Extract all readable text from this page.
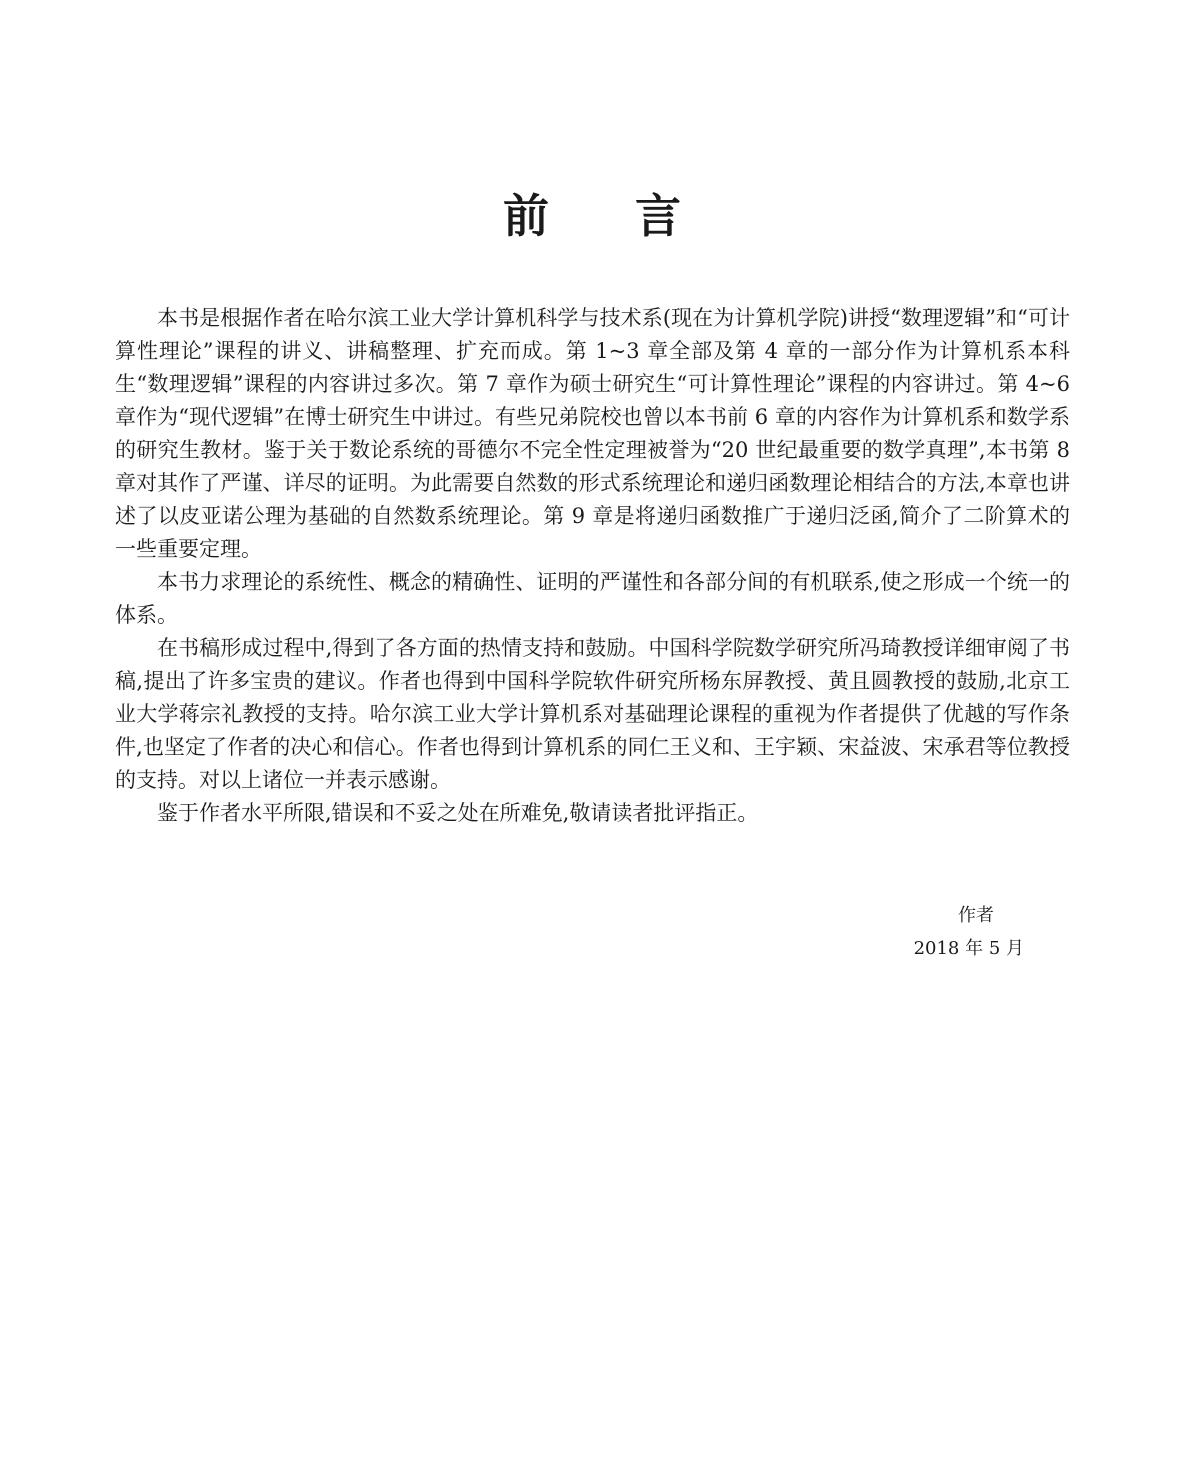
前言

本书是根据作者在哈尔滨工业大学计算机科学与技术系(现在为计算机学院)讲授“数理逻辑”和“可计算性理论”课程的讲义、讲稿整理、扩充而成。第 1~3 章全部及第 4 章的一部分作为计算机系本科生“数理逻辑”课程的内容讲过多次。第 7 章作为硕士研究生“可计算性理论”课程的内容讲过。第 4~6 章作为“现代逻辑”在博士研究生中讲过。有些兄弟院校也曾以本书前 6 章的内容作为计算机系和数学系的研究生教材。鉴于关于数论系统的哥德尔不完全性定理被誉为“20 世纪最重要的数学真理”,本书第 8 章对其作了严谨、详尽的证明。为此需要自然数的形式系统理论和递归函数理论相结合的方法,本章也讲述了以皮亚诺公理为基础的自然数系统理论。第 9 章是将递归函数推广于递归泛函,简介了二阶算术的一些重要定理。

本书力求理论的系统性、概念的精确性、证明的严谨性和各部分间的有机联系,使之形成一个统一的体系。

在书稿形成过程中,得到了各方面的热情支持和鼓励。中国科学院数学研究所冯琦教授详细审阅了书稿,提出了许多宝贵的建议。作者也得到中国科学院软件研究所杨东屏教授、黄且圆教授的鼓励,北京工业大学蒋宗礼教授的支持。哈尔滨工业大学计算机系对基础理论课程的重视为作者提供了优越的写作条件,也坚定了作者的决心和信心。作者也得到计算机系的同仁王义和、王宇颖、宋益波、宋承君等位教授的支持。对以上诸位一并表示感谢。

鉴于作者水平所限,错误和不妥之处在所难免,敬请读者批评指正。

作者
2018 年 5 月
